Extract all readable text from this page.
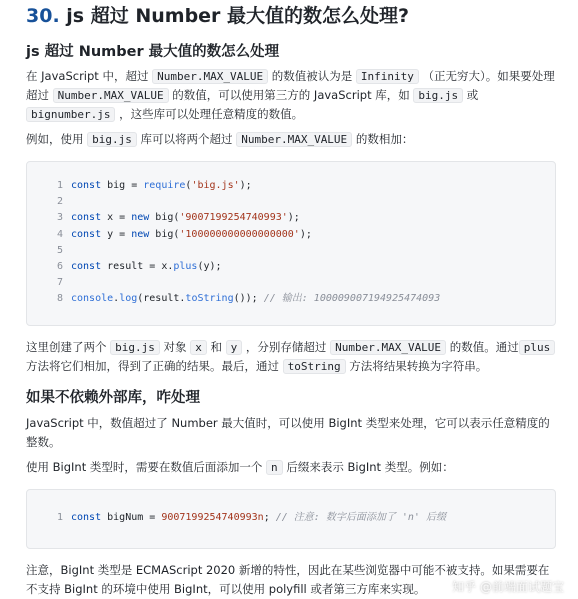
30. js 超过 Number 最大值的数怎么处理?
js 超过 Number 最大值的数怎么处理

在 JavaScript 中，超过 Number.MAX_VALUE 的数值被认为是 Infinity （正无穷大）。如果要处理超过 Number.MAX_VALUE 的数值，可以使用第三方的 JavaScript 库，如 big.js 或bignumber.js ，这些库可以处理任意精度的数值。

例如，使用 big.js 库可以将两个超过 Number.MAX_VALUE 的数相加：

1 const big = require ( 'big.js' );
2
3 const x = new big( '9007199254740993' );
4 const y = new big( '100000000000000000' );
5
6 const result = x. plus (y);
7
8 console . log (result. toString ()); // 输出: 100009007194925474093

这里创建了两个 big.js 对象 x 和 y ，分别存储超过 Number.MAX_VALUE 的数值。通过 plus 方法将它们相加，得到了正确的结果。最后，通过 toString 方法将结果转换为字符串。

如果不依赖外部库，咋处理

JavaScript 中，数值超过了 Number 最大值时，可以使用 BigInt 类型来处理，它可以表示任意精度的整数。

使用 BigInt 类型时，需要在数值后面添加一个 n 后缀来表示 BigInt 类型。例如：

1 const bigNum = 9007199254740993n ; // 注意: 数字后面添加了 'n' 后缀

注意，BigInt 类型是 ECMAScript 2020 新增的特性，因此在某些浏览器中可能不被支持。如果需要在不支持 BigInt 的环境中使用 BigInt，可以使用 polyfill 或者第三方库来实现。	知乎 @前端面试题宝
